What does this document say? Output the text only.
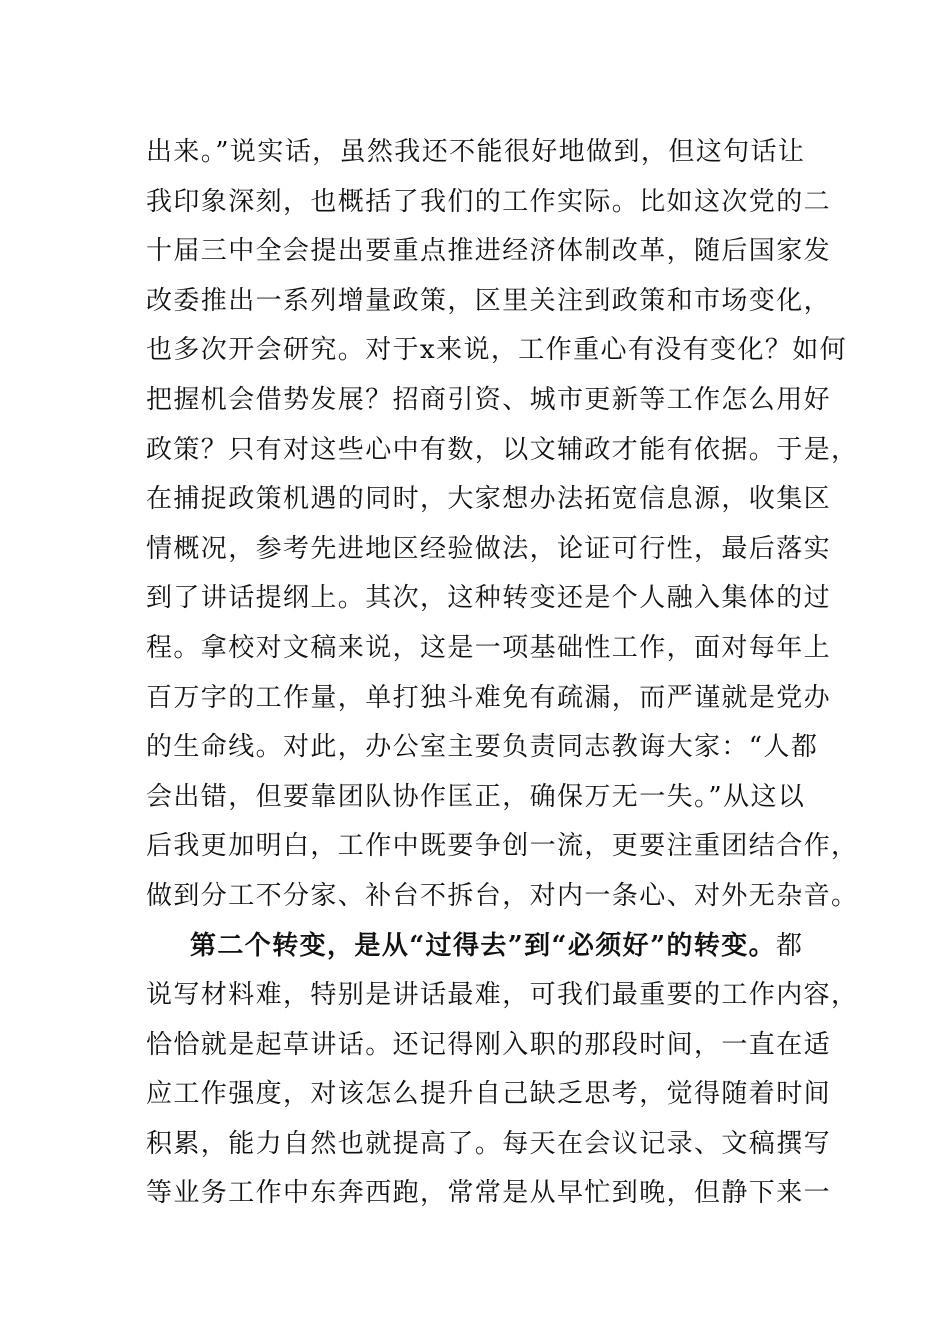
出来。”说实话，虽然我还不能很好地做到，但这句话让
我印象深刻，也概括了我们的工作实际。比如这次党的二
十届三中全会提出要重点推进经济体制改革，随后国家发
改委推出一系列增量政策，区里关注到政策和市场变化，
也多次开会研究。对于x来说，工作重心有没有变化？如何
把握机会借势发展？招商引资、城市更新等工作怎么用好
政策？只有对这些心中有数，以文辅政才能有依据。于是，
在捕捉政策机遇的同时，大家想办法拓宽信息源，收集区
情概况，参考先进地区经验做法，论证可行性，最后落实
到了讲话提纲上。其次，这种转变还是个人融入集体的过
程。拿校对文稿来说，这是一项基础性工作，面对每年上
百万字的工作量，单打独斗难免有疏漏，而严谨就是党办
的生命线。对此，办公室主要负责同志教诲大家：“人都
会出错，但要靠团队协作匡正，确保万无一失。”从这以
后我更加明白，工作中既要争创一流，更要注重团结合作，
做到分工不分家、补台不拆台，对内一条心、对外无杂音。
第二个转变，是从“过得去”到“必须好”的转变。都
说写材料难，特别是讲话最难，可我们最重要的工作内容，
恰恰就是起草讲话。还记得刚入职的那段时间，一直在适
应工作强度，对该怎么提升自己缺乏思考，觉得随着时间
积累，能力自然也就提高了。每天在会议记录、文稿撰写
等业务工作中东奔西跑，常常是从早忙到晚，但静下来一
